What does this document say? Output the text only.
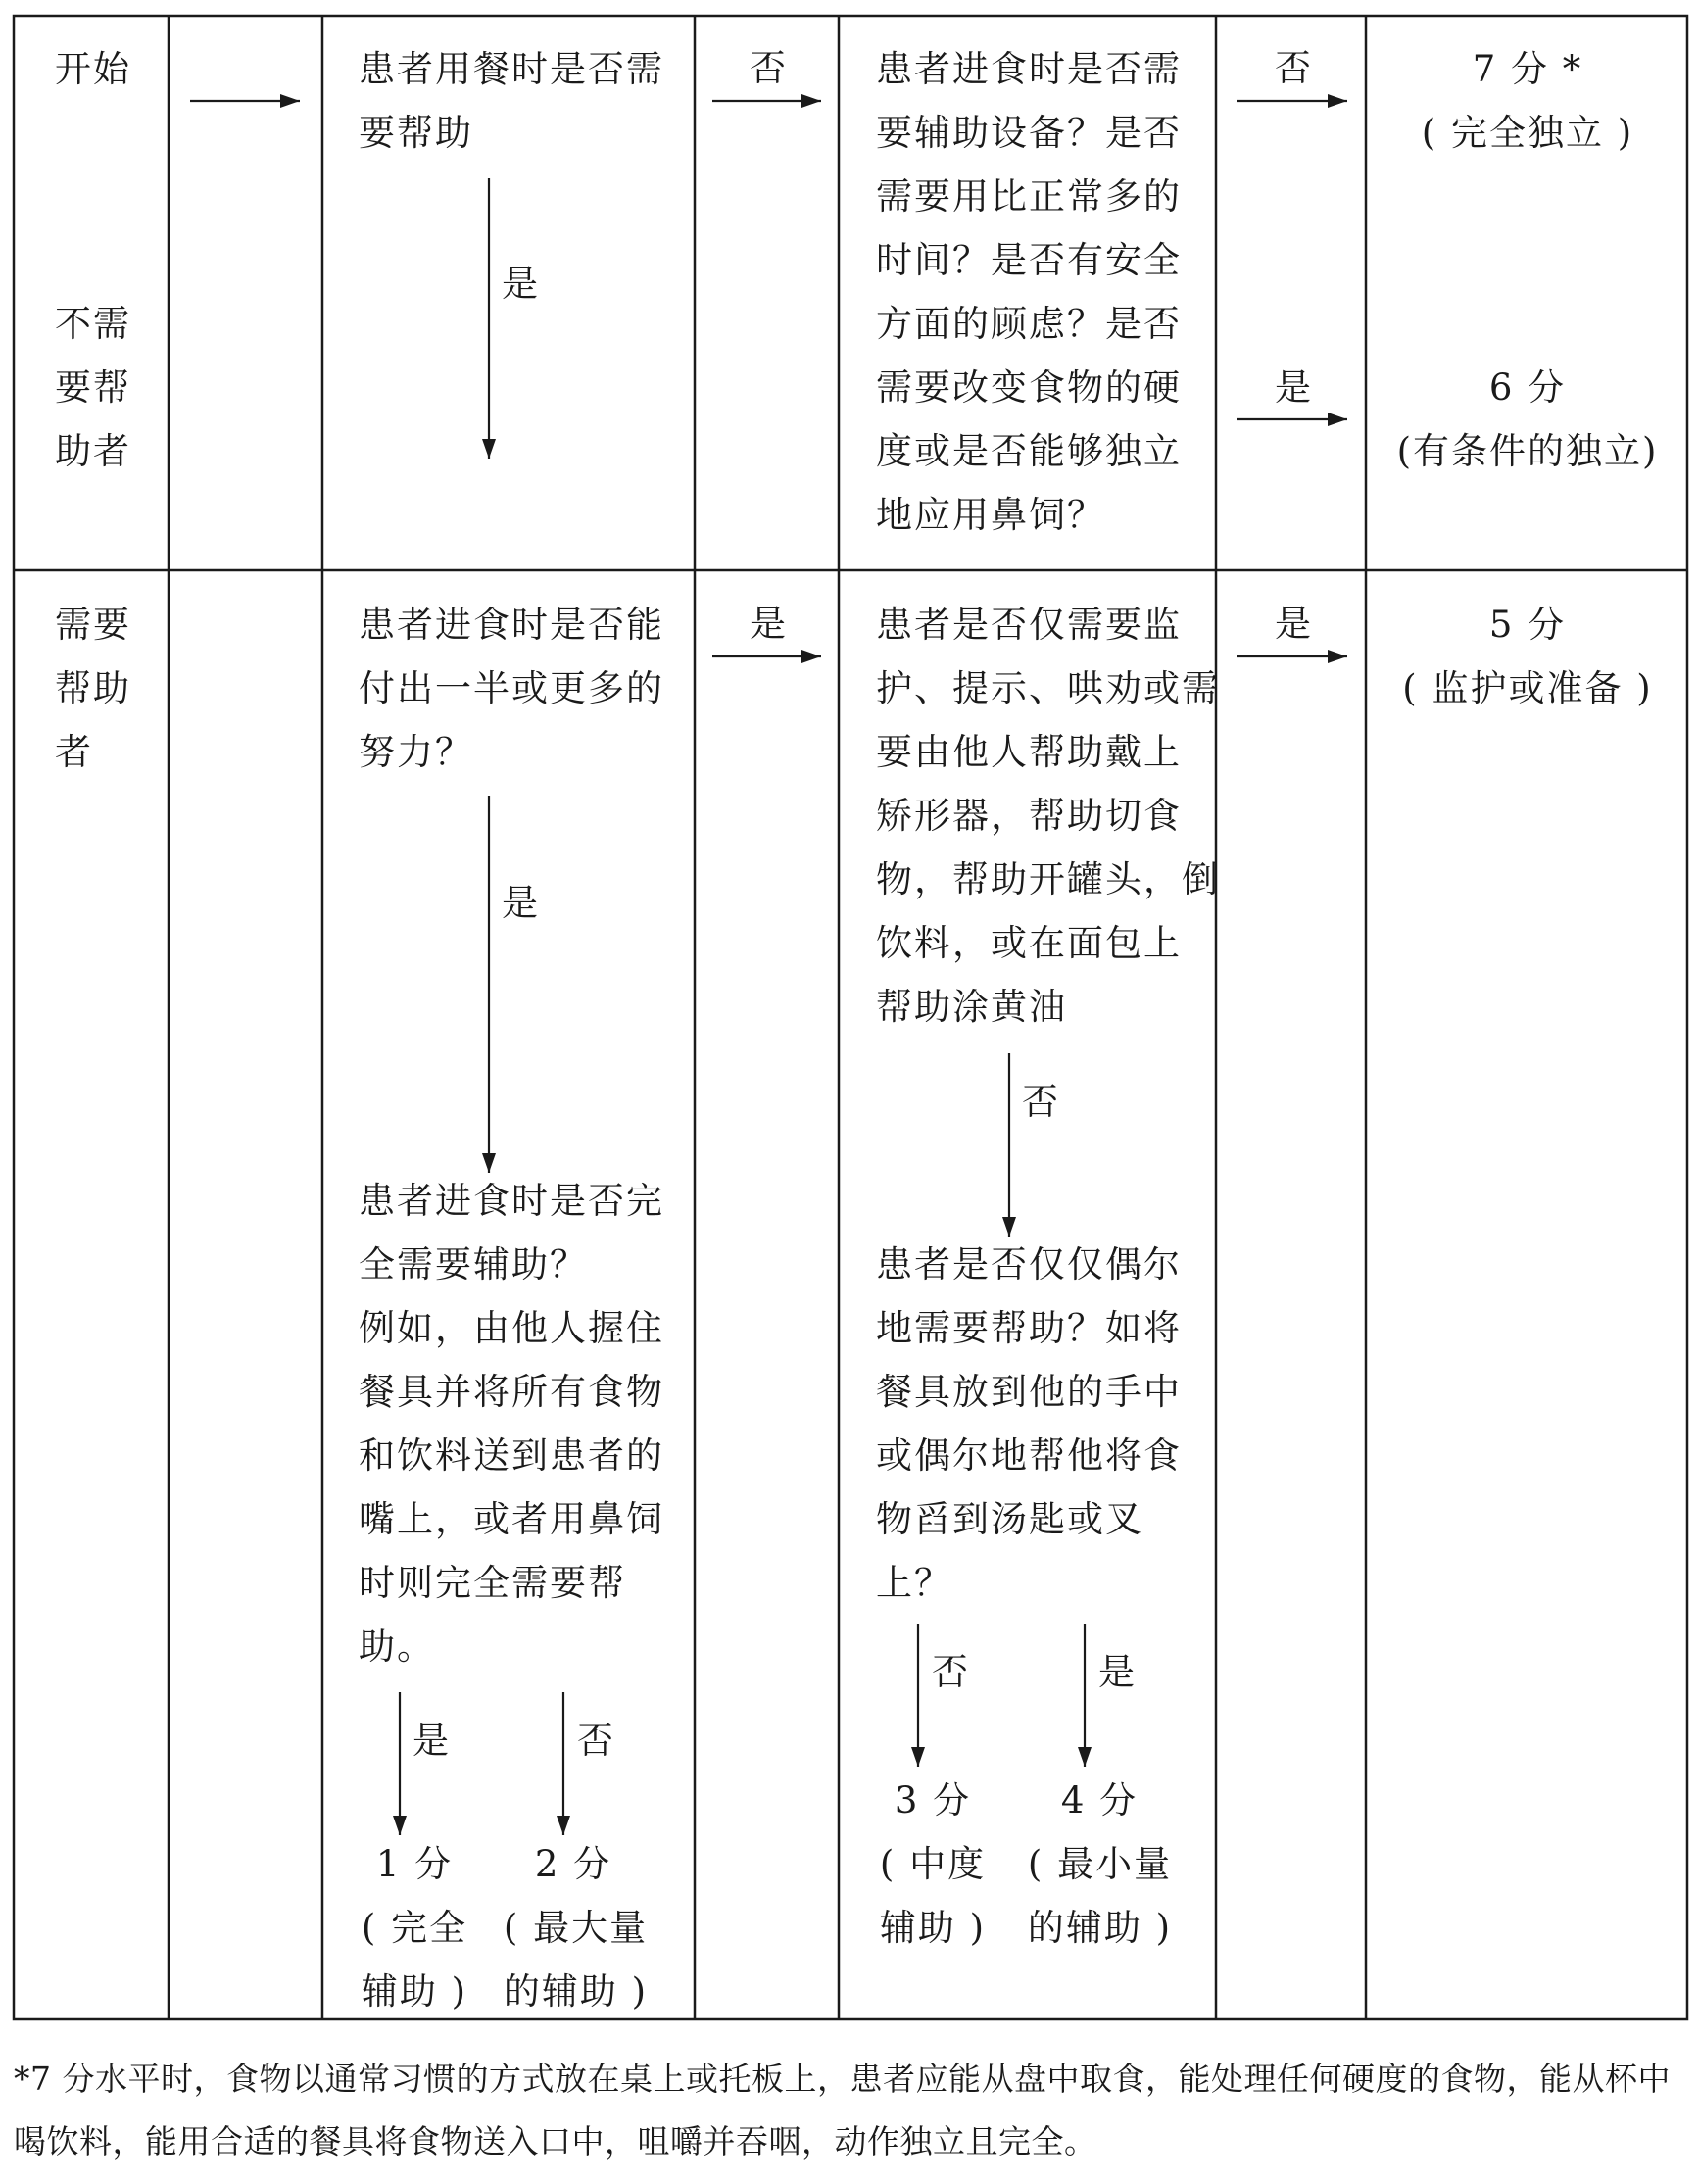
开始
不需
要帮
助者
患者用餐时是否需
要帮助
是
否 患者进食时是否需
要辅助设备？是否
需要用比正常多的
时间？是否有安全
方面的顾虑？是否
需要改变食物的硬
度或是否能够独立
地应用鼻饲？
否
是
7 分 *
( 完全独立 )
6 分
(有条件的独立)
需要
帮助
者
患者进食时是否能
付出一半或更多的
努力？
是
是
患者进食时是否完
全需要辅助？
例如，由他人握住
餐具并将所有食物
和饮料送到患者的
嘴上，或者用鼻饲
时则完全需要帮
助。
是	否
1 分
( 完全
辅助 )
2 分
( 最大量
的辅助 )
患者是否仅需要监
护、提示、哄劝或需
要由他人帮助戴上
矫形器，帮助切食
物，帮助开罐头，倒
饮料，或在面包上
帮助涂黄油
是
否
5 分
( 监护或准备 )
患者是否仅仅偶尔
地需要帮助？如将
餐具放到他的手中
或偶尔地帮他将食
物舀到汤匙或叉
上？
否	是
3 分
( 中度
辅助 )
4 分
( 最小量
的辅助 )
*7 分水平时，食物以通常习惯的方式放在桌上或托板上，患者应能从盘中取食，能处理任何硬度的食物，能从杯中喝饮料，能用合适的餐具将食物送入口中，咀嚼并吞咽，动作独立且完全。
